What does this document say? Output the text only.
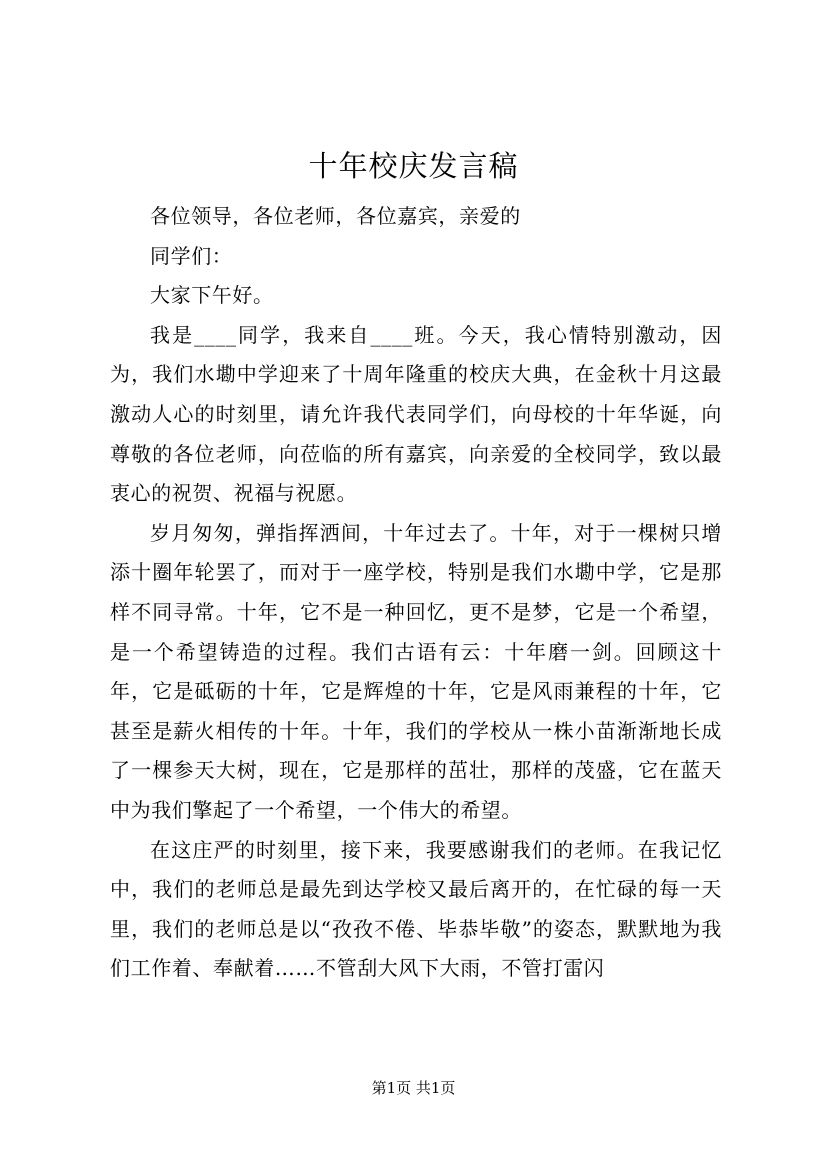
十年校庆发言稿

各位领导，各位老师，各位嘉宾，亲爱的

同学们：

大家下午好。

我是____同学，我来自____班。今天，我心情特别激动，因为，我们水墈中学迎来了十周年隆重的校庆大典，在金秋十月这最激动人心的时刻里，请允许我代表同学们，向母校的十年华诞，向尊敬的各位老师，向莅临的所有嘉宾，向亲爱的全校同学，致以最衷心的祝贺、祝福与祝愿。

岁月匆匆，弹指挥洒间，十年过去了。十年，对于一棵树只增添十圈年轮罢了，而对于一座学校，特别是我们水墈中学，它是那样不同寻常。十年，它不是一种回忆，更不是梦，它是一个希望，是一个希望铸造的过程。我们古语有云：十年磨一剑。回顾这十年，它是砥砺的十年，它是辉煌的十年，它是风雨兼程的十年，它甚至是薪火相传的十年。十年，我们的学校从一株小苗渐渐地长成了一棵参天大树，现在，它是那样的茁壮，那样的茂盛，它在蓝天中为我们擎起了一个希望，一个伟大的希望。

在这庄严的时刻里，接下来，我要感谢我们的老师。在我记忆中，我们的老师总是最先到达学校又最后离开的，在忙碌的每一天里，我们的老师总是以“孜孜不倦、毕恭毕敬”的姿态，默默地为我们工作着、奉献着……不管刮大风下大雨，不管打雷闪

第1页 共1页
